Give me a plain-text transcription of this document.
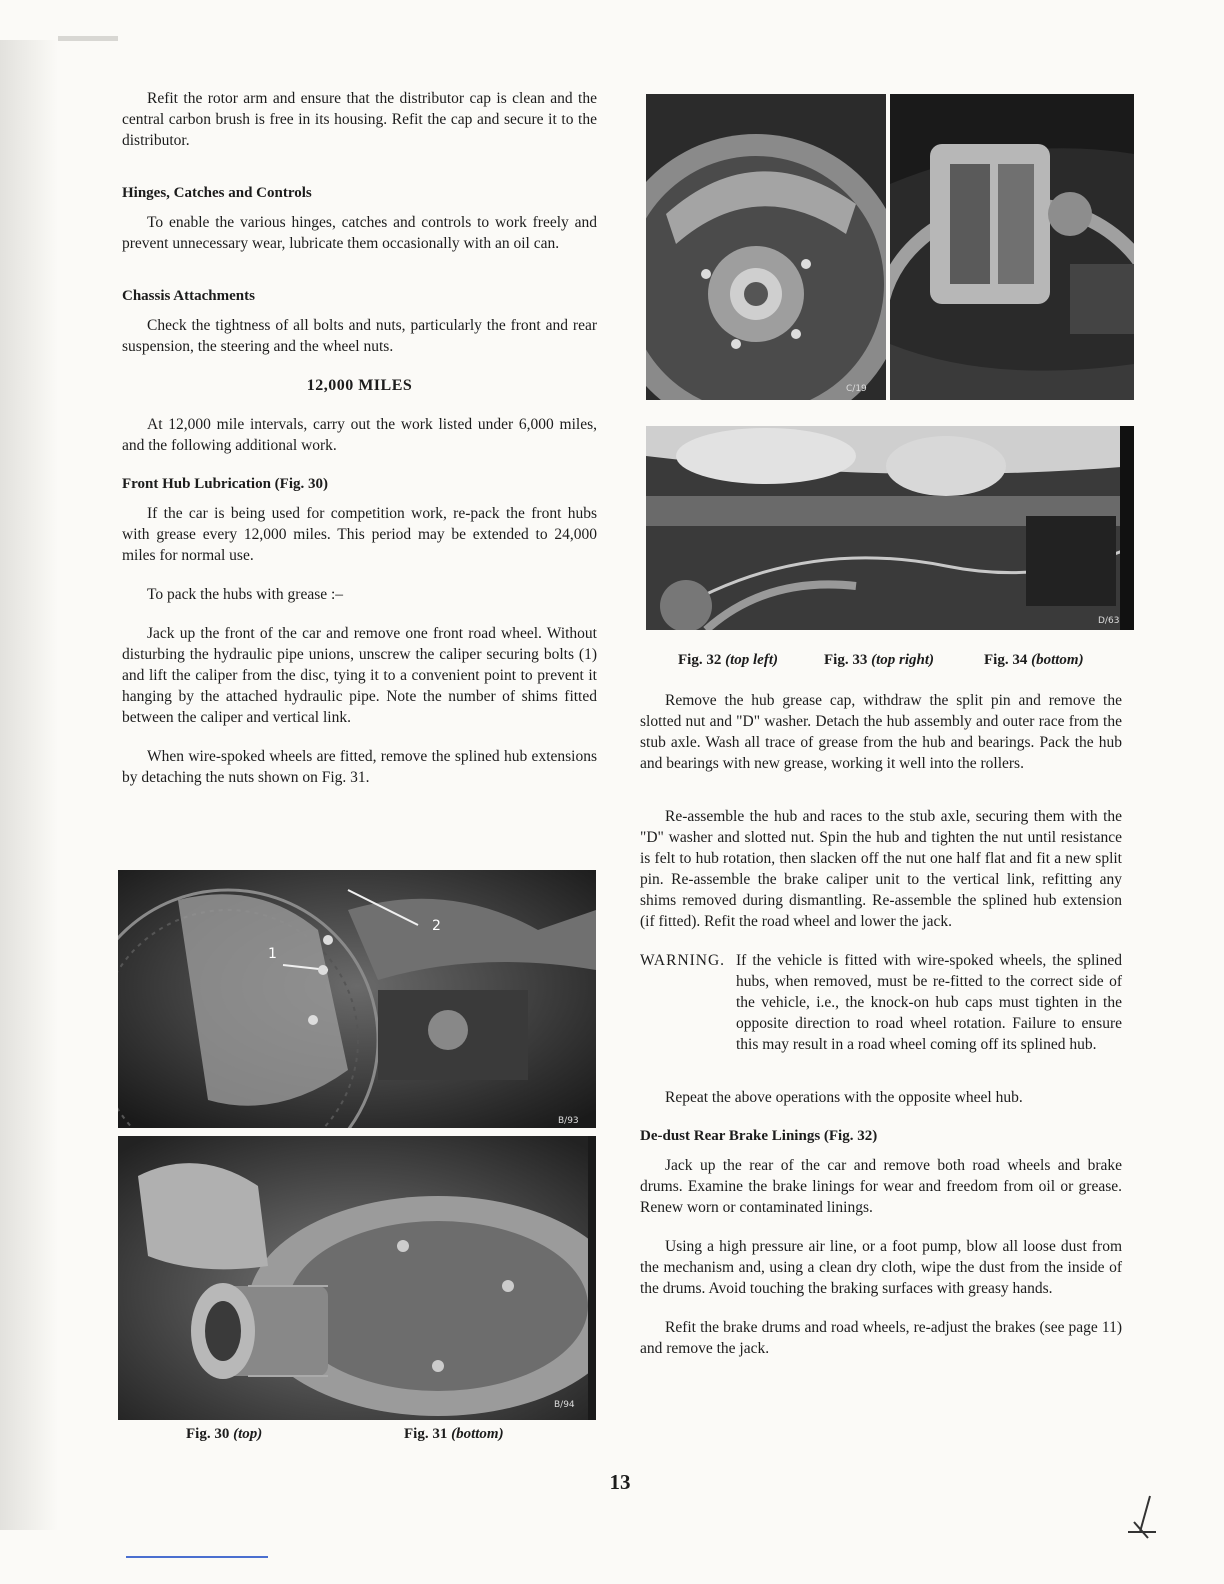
Refit the rotor arm and ensure that the distributor cap is clean and the central carbon brush is free in its housing. Refit the cap and secure it to the distributor.

Hinges, Catches and Controls

To enable the various hinges, catches and controls to work freely and prevent unnecessary wear, lubricate them occasionally with an oil can.

Chassis Attachments

Check the tightness of all bolts and nuts, particularly the front and rear suspension, the steering and the wheel nuts.

12,000 MILES

At 12,000 mile intervals, carry out the work listed under 6,000 miles, and the following additional work.

Front Hub Lubrication (Fig. 30)

If the car is being used for competition work, re-pack the front hubs with grease every 12,000 miles. This period may be extended to 24,000 miles for normal use.

To pack the hubs with grease :–

Jack up the front of the car and remove one front road wheel. Without disturbing the hydraulic pipe unions, unscrew the caliper securing bolts (1) and lift the caliper from the disc, tying it to a convenient point to prevent it hanging by the attached hydraulic pipe. Note the number of shims fitted between the caliper and vertical link.

When wire-spoked wheels are fitted, remove the splined hub extensions by detaching the nuts shown on Fig. 31.

1
2
B/93
B/94
Fig. 30 (top)	Fig. 31 (bottom)
C/19
D/63
Fig. 32 (top left)	Fig. 33 (top right)	Fig. 34 (bottom)

Remove the hub grease cap, withdraw the split pin and remove the slotted nut and "D" washer. Detach the hub assembly and outer race from the stub axle. Wash all trace of grease from the hub and bearings. Pack the hub and bearings with new grease, working it well into the rollers.

Re-assemble the hub and races to the stub axle, securing them with the "D" washer and slotted nut. Spin the hub and tighten the nut until resistance is felt to hub rotation, then slacken off the nut one half flat and fit a new split pin. Re-assemble the brake caliper unit to the vertical link, refitting any shims removed during dismantling. Re-assemble the splined hub extension (if fitted). Refit the road wheel and lower the jack.

WARNING. If the vehicle is fitted with wire-spoked wheels, the splined hubs, when removed, must be re-fitted to the correct side of the vehicle, i.e., the knock-on hub caps must tighten in the opposite direction to road wheel rotation. Failure to ensure this may result in a road wheel coming off its splined hub.

Repeat the above operations with the opposite wheel hub.

De-dust Rear Brake Linings (Fig. 32)

Jack up the rear of the car and remove both road wheels and brake drums. Examine the brake linings for wear and freedom from oil or grease. Renew worn or contaminated linings.

Using a high pressure air line, or a foot pump, blow all loose dust from the mechanism and, using a clean dry cloth, wipe the dust from the inside of the drums. Avoid touching the braking surfaces with greasy hands.

Refit the brake drums and road wheels, re-adjust the brakes (see page 11) and remove the jack.

13
